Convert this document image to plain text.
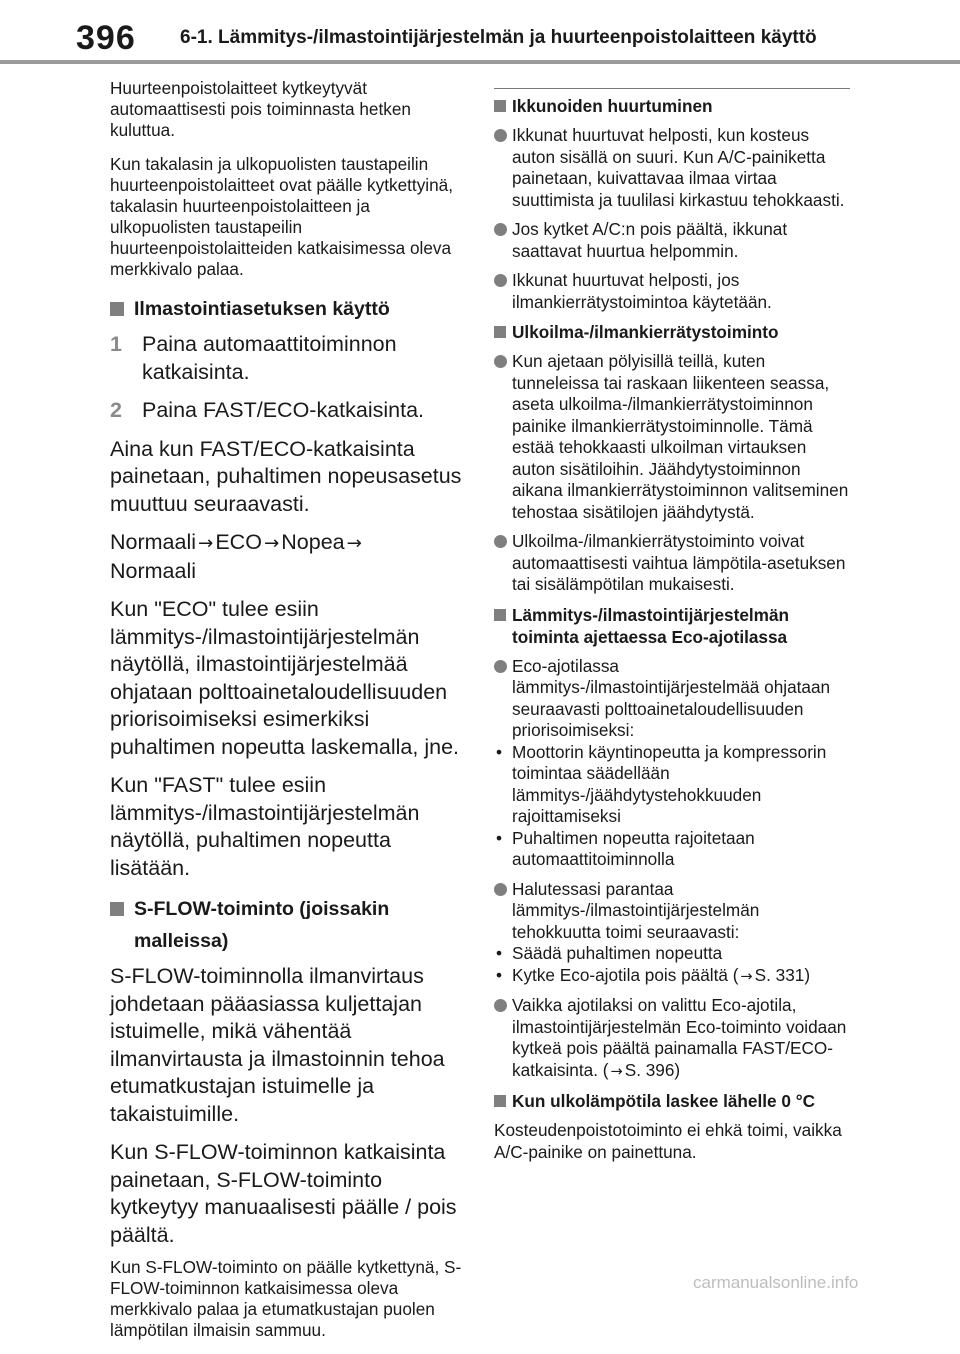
396 6-1. Lämmitys-/ilmastointijärjestelmän ja huurteenpoistolaitteen käyttö

Huurteenpoistolaitteet kytkeytyvät automaattisesti pois toiminnasta hetken kuluttua.

Kun takalasin ja ulkopuolisten taustapeilin huurteenpoistolaitteet ovat päälle kytkettyinä, takalasin huurteenpoistolaitteen ja ulkopuolisten taustapeilin huurteenpoistolaitteiden katkaisimessa oleva merkkivalo palaa.

Ilmastointiasetuksen käyttö
1 Paina automaattitoiminnon katkaisinta.
2 Paina FAST/ECO-katkaisinta.

Aina kun FAST/ECO-katkaisinta painetaan, puhaltimen nopeusasetus muuttuu seuraavasti.

Normaali →ECO →Nopea →
Normaali

Kun "ECO" tulee esiin lämmitys-/ilmastointijärjestelmän näytöllä, ilmastointijärjestelmää ohjataan polttoainetaloudellisuuden priorisoimiseksi esimerkiksi puhaltimen nopeutta laskemalla, jne.

Kun "FAST" tulee esiin lämmitys-/ilmastointijärjestelmän näytöllä, puhaltimen nopeutta lisätään.

S-FLOW-toiminto (joissakin malleissa)

S-FLOW-toiminnolla ilmanvirtaus johdetaan pääasiassa kuljettajan istuimelle, mikä vähentää ilmanvirtausta ja ilmastoinnin tehoa etumatkustajan istuimelle ja takaistuimille.

Kun S-FLOW-toiminnon katkaisinta painetaan, S-FLOW-toiminto kytkeytyy manuaalisesti päälle / pois päältä.

Kun S-FLOW-toiminto on päälle kytkettynä, S-FLOW-toiminnon katkaisimessa oleva merkkivalo palaa ja etumatkustajan puolen lämpötilan ilmaisin sammuu.

Ikkunoiden huurtuminen
Ikkunat huurtuvat helposti, kun kosteus auton sisällä on suuri. Kun A/C-painiketta painetaan, kuivattavaa ilmaa virtaa suuttimista ja tuulilasi kirkastuu tehokkaasti.
Jos kytket A/C:n pois päältä, ikkunat saattavat huurtua helpommin.
Ikkunat huurtuvat helposti, jos ilmankierrätystoimintoa käytetään.
Ulkoilma-/ilmankierrätystoiminto
Kun ajetaan pölyisillä teillä, kuten tunneleissa tai raskaan liikenteen seassa, aseta ulkoilma-/ilmankierrätystoiminnon painike ilmankierrätystoiminnolle. Tämä estää tehokkaasti ulkoilman virtauksen auton sisätiloihin. Jäähdytystoiminnon aikana ilmankierrätystoiminnon valitseminen tehostaa sisätilojen jäähdytystä.
Ulkoilma-/ilmankierrätystoiminto voivat automaattisesti vaihtua lämpötila-asetuksen tai sisälämpötilan mukaisesti.
Lämmitys-/ilmastointijärjestelmän toiminta ajettaessa Eco-ajotilassa
Eco-ajotilassa lämmitys-/ilmastointijärjestelmää ohjataan seuraavasti polttoainetaloudellisuuden priorisoimiseksi:
• Moottorin käyntinopeutta ja kompressorin toimintaa säädellään lämmitys-/jäähdytystehokkuuden rajoittamiseksi
• Puhaltimen nopeutta rajoitetaan automaattitoiminnolla
Halutessasi parantaa lämmitys-/ilmastointijärjestelmän tehokkuutta toimi seuraavasti:
• Säädä puhaltimen nopeutta
• Kytke Eco-ajotila pois päältä ( → S. 331)
Vaikka ajotilaksi on valittu Eco-ajotila, ilmastointijärjestelmän Eco-toiminto voidaan kytkeä pois päältä painamalla FAST/ECO-katkaisinta. ( → S. 396)
Kun ulkolämpötila laskee lähelle 0 °C

Kosteudenpoistotoiminto ei ehkä toimi, vaikka A/C-painike on painettuna.

carmanualsonline.info
